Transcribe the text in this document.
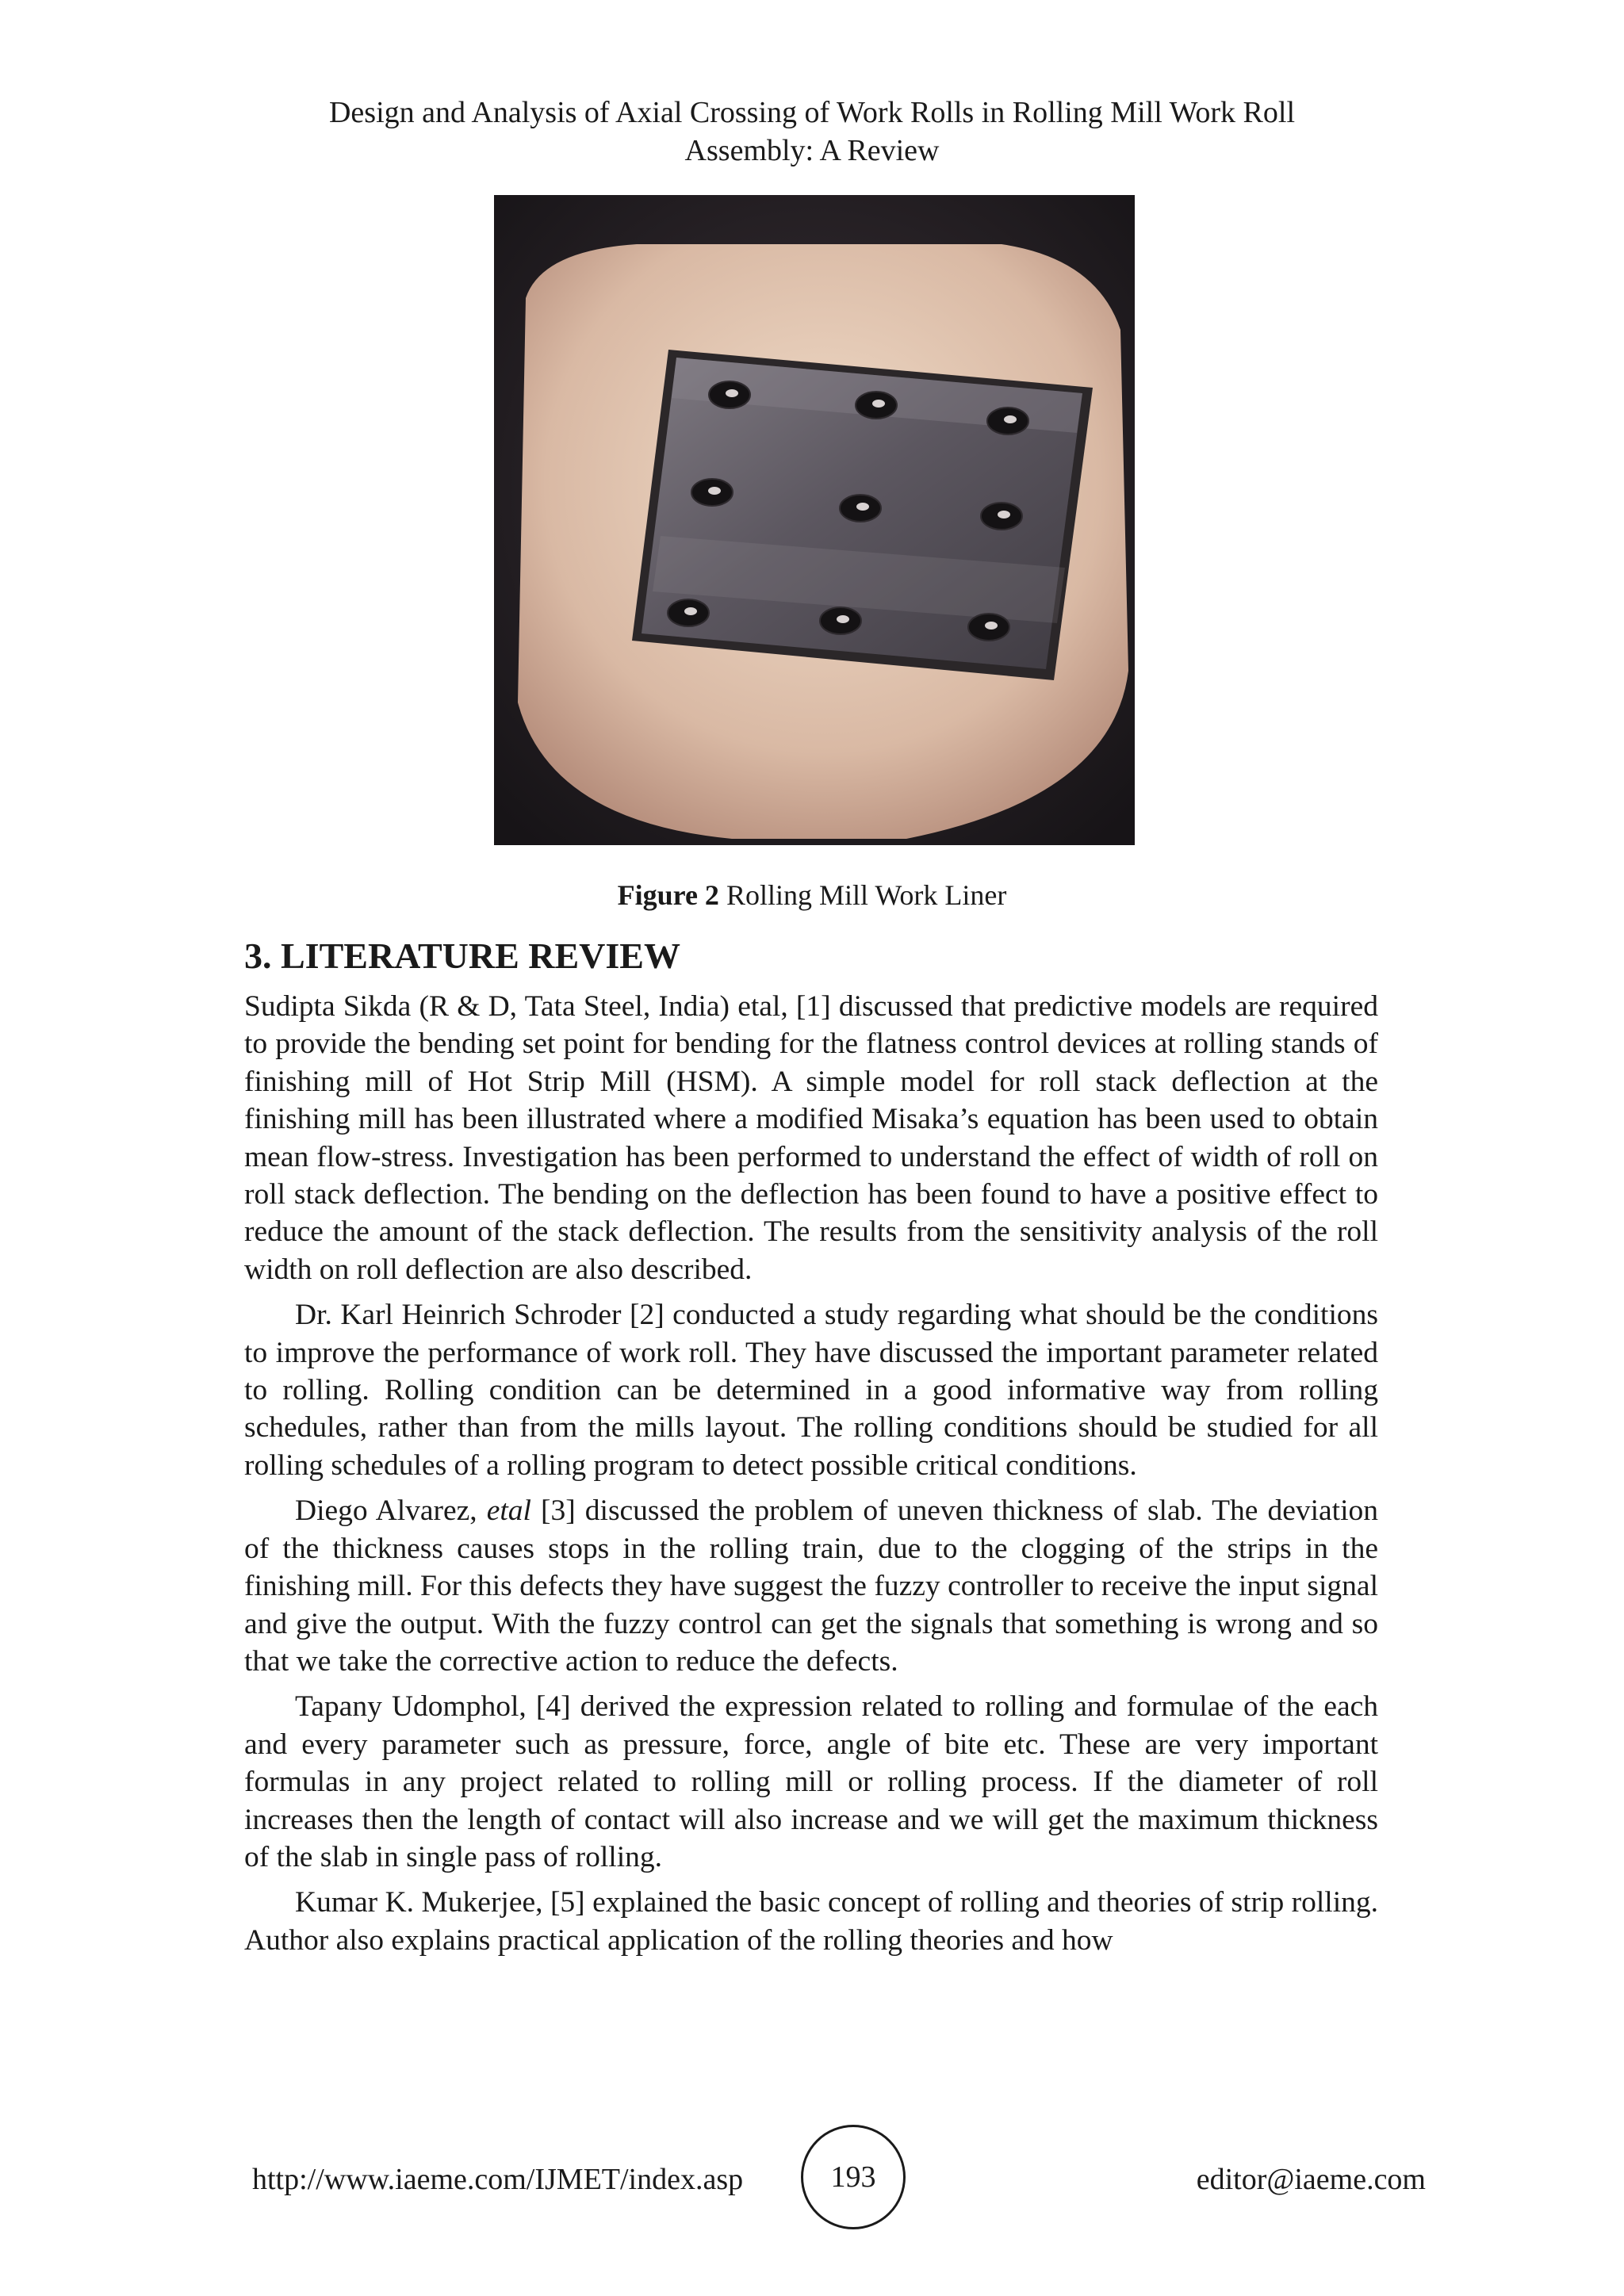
Design and Analysis of Axial Crossing of Work Rolls in Rolling Mill Work Roll
Assembly: A Review
Figure 2 Rolling Mill Work Liner
3. LITERATURE REVIEW

Sudipta Sikda (R & D, Tata Steel, India) etal, [1] discussed that predictive models are required to provide the bending set point for bending for the flatness control devices at rolling stands of finishing mill of Hot Strip Mill (HSM). A simple model for roll stack deflection at the finishing mill has been illustrated where a modified Misaka’s equation has been used to obtain mean flow-stress. Investigation has been performed to understand the effect of width of roll on roll stack deflection. The bending on the deflection has been found to have a positive effect to reduce the amount of the stack deflection. The results from the sensitivity analysis of the roll width on roll deflection are also described.

Dr. Karl Heinrich Schroder [2] conducted a study regarding what should be the conditions to improve the performance of work roll. They have discussed the important parameter related to rolling. Rolling condition can be determined in a good informative way from rolling schedules, rather than from the mills layout. The rolling conditions should be studied for all rolling schedules of a rolling program to detect possible critical conditions.

Diego Alvarez, etal [3] discussed the problem of uneven thickness of slab. The deviation of the thickness causes stops in the rolling train, due to the clogging of the strips in the finishing mill. For this defects they have suggest the fuzzy controller to receive the input signal and give the output. With the fuzzy control can get the signals that something is wrong and so that we take the corrective action to reduce the defects.

Tapany Udomphol, [4] derived the expression related to rolling and formulae of the each and every parameter such as pressure, force, angle of bite etc. These are very important formulas in any project related to rolling mill or rolling process. If the diameter of roll increases then the length of contact will also increase and we will get the maximum thickness of the slab in single pass of rolling.

Kumar K. Mukerjee, [5] explained the basic concept of rolling and theories of strip rolling. Author also explains practical application of the rolling theories and how

http://www.iaeme.com/IJMET/index.asp	193	editor@iaeme.com
